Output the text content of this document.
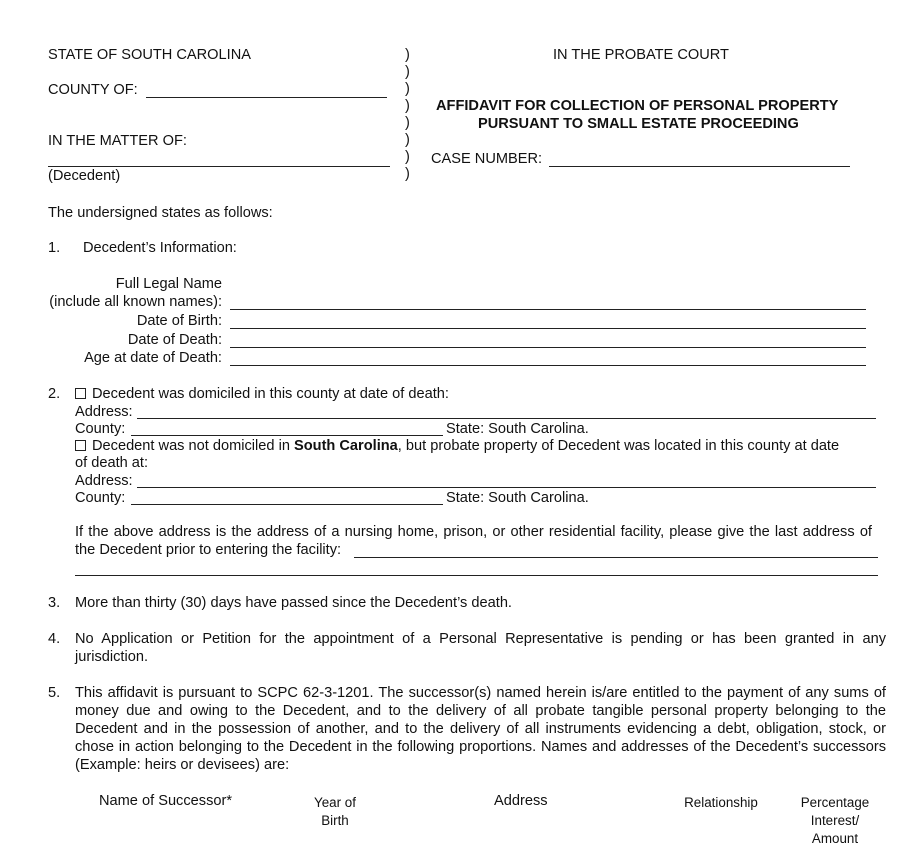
STATE OF SOUTH CAROLINA	IN THE PROBATE COURT
COUNTY OF:
AFFIDAVIT FOR COLLECTION OF PERSONAL PROPERTY
PURSUANT TO SMALL ESTATE PROCEEDING
IN THE MATTER OF:
(Decedent)
CASE NUMBER:
)
)
)
)
)
)
)
)
The undersigned states as follows:
1. Decedent’s Information:
Full Legal Name
(include all known names):
Date of Birth:
Date of Death:
Age at date of Death:
2.	Decedent was domiciled in this county at date of death:
Address:
County:	State: South Carolina.
Decedent was not domiciled in South Carolina, but probate property of Decedent was located in this county at date
of death at:
Address:
County:	State: South Carolina.
If the above address is the address of a nursing home, prison, or other residential facility, please give the last address of
the Decedent prior to entering the facility:
3. More than thirty (30) days have passed since the Decedent’s death.
4. No Application or Petition for the appointment of a Personal Representative is pending or has been granted in any
jurisdiction.
5. This affidavit is pursuant to SCPC 62-3-1201. The successor(s) named herein is/are entitled to the payment of any sums of
money due and owing to the Decedent, and to the delivery of all probate tangible personal property belonging to the
Decedent and in the possession of another, and to the delivery of all instruments evidencing a debt, obligation, stock, or
chose in action belonging to the Decedent in the following proportions. Names and addresses of the Decedent’s successors
(Example: heirs or devisees) are:
Name of Successor*	Year of
Birth
Address	Relationship	Percentage
Interest/
Amount
